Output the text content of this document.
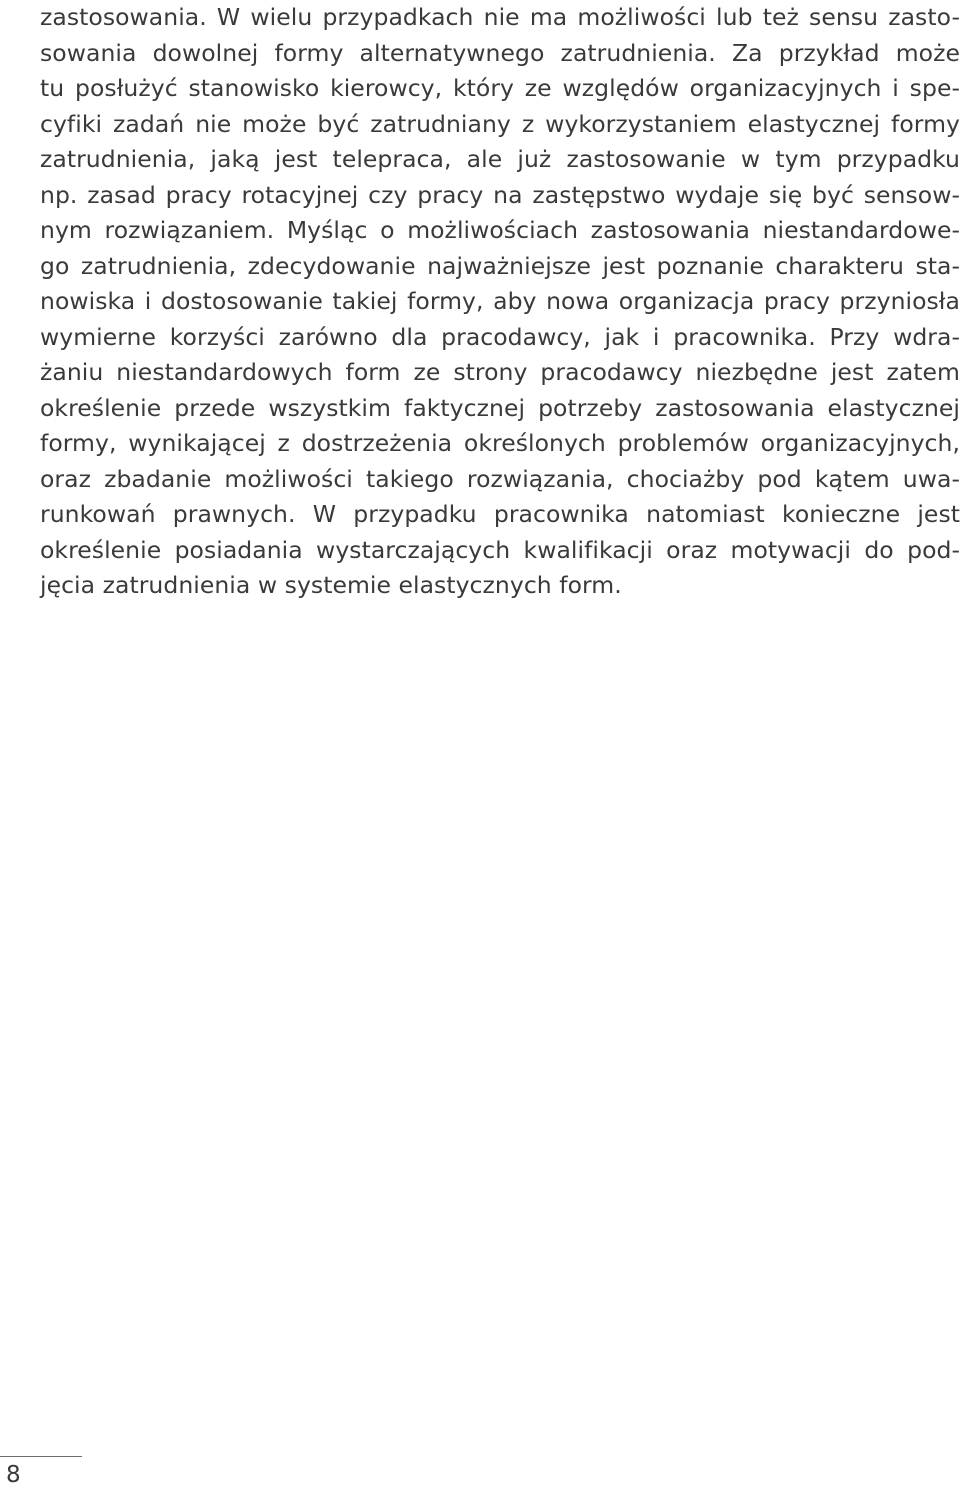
zastosowania. W wielu przypadkach nie ma możliwości lub też sensu zasto-
sowania dowolnej formy alternatywnego zatrudnienia. Za przykład może
tu posłużyć stanowisko kierowcy, który ze względów organizacyjnych i spe-
cyfiki zadań nie może być zatrudniany z wykorzystaniem elastycznej formy
zatrudnienia, jaką jest telepraca, ale już zastosowanie w tym przypadku
np. zasad pracy rotacyjnej czy pracy na zastępstwo wydaje się być sensow-
nym rozwiązaniem. Myśląc o możliwościach zastosowania niestandardowe-
go zatrudnienia, zdecydowanie najważniejsze jest poznanie charakteru sta-
nowiska i dostosowanie takiej formy, aby nowa organizacja pracy przyniosła
wymierne korzyści zarówno dla pracodawcy, jak i pracownika. Przy wdra-
żaniu niestandardowych form ze strony pracodawcy niezbędne jest zatem
określenie przede wszystkim faktycznej potrzeby zastosowania elastycznej
formy, wynikającej z dostrzeżenia określonych problemów organizacyjnych,
oraz zbadanie możliwości takiego rozwiązania, chociażby pod kątem uwa-
runkowań prawnych. W przypadku pracownika natomiast konieczne jest
określenie posiadania wystarczających kwalifikacji oraz motywacji do pod-
jęcia zatrudnienia w systemie elastycznych form.
8
